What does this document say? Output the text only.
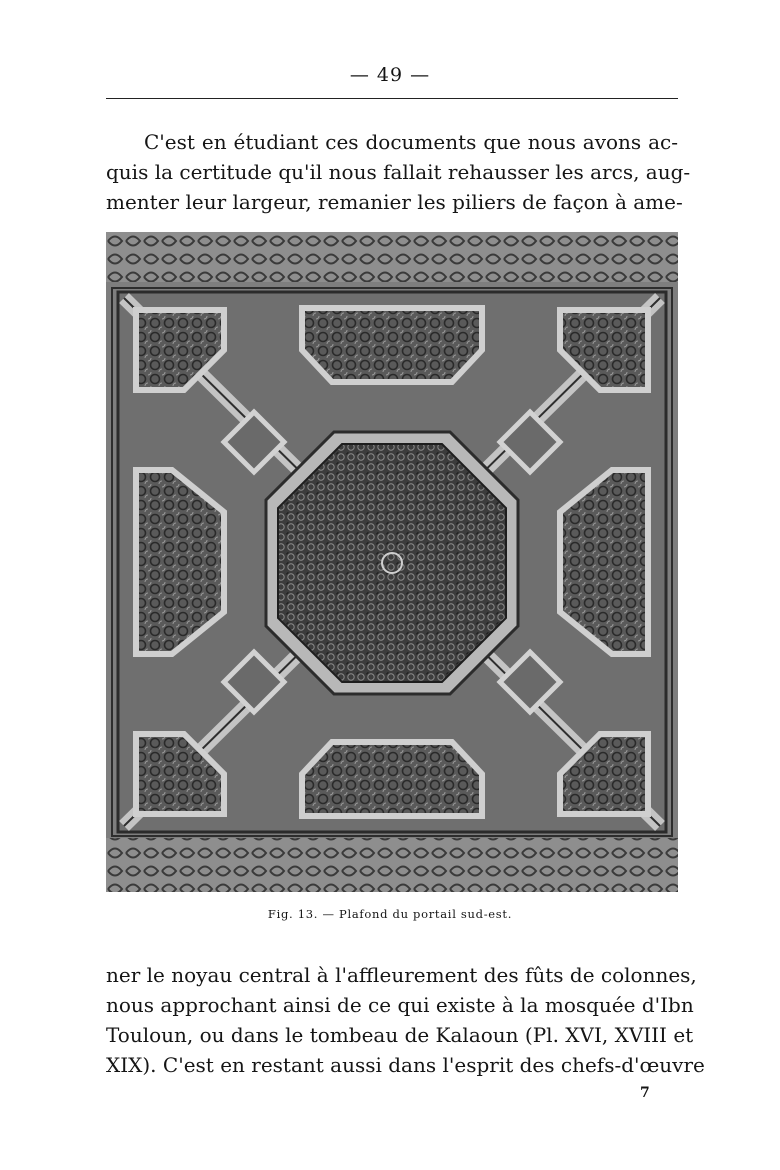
— 49 —
C'est en étudiant ces documents que nous avons ac-
quis la certitude qu'il nous fallait rehausser les arcs, aug-
menter leur largeur, remanier les piliers de façon à ame-
Fig. 13. — Plafond du portail sud-est.
ner le noyau central à l'affleurement des fûts de colonnes,
nous approchant ainsi de ce qui existe à la mosquée d'Ibn
Touloun, ou dans le tombeau de Kalaoun (Pl. XVI, XVIII et
XIX). C'est en restant aussi dans l'esprit des chefs-d'œuvre
7
